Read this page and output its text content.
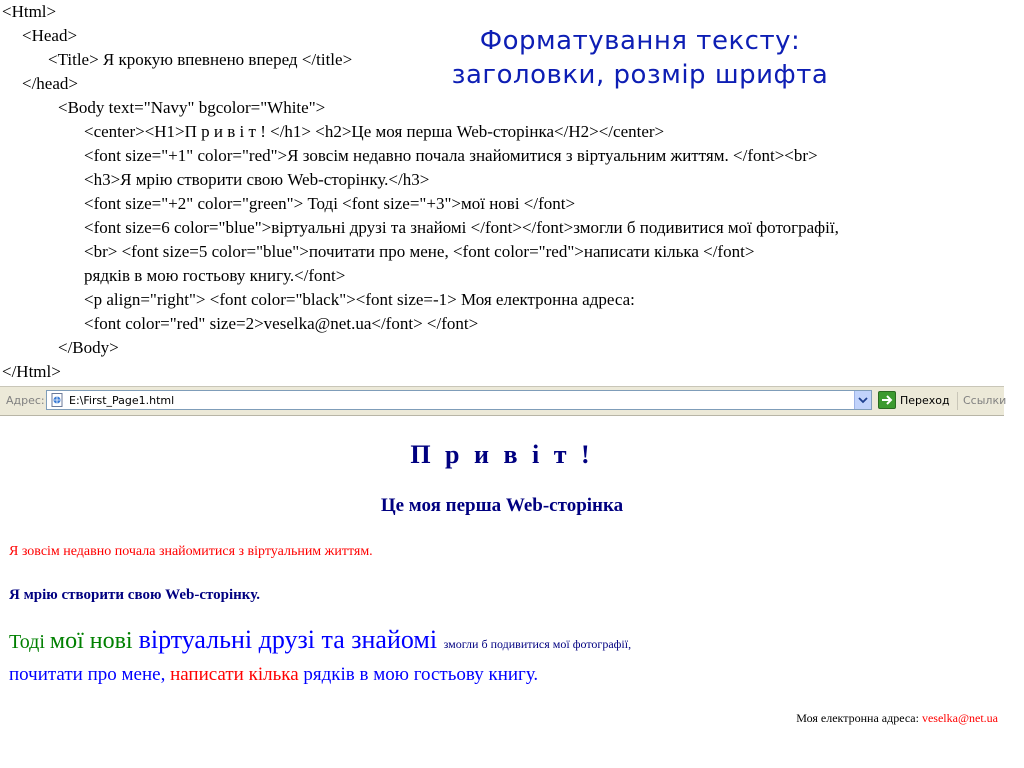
Форматування тексту:
заголовки, розмір шрифта
<Html>
<Head>
<Title> Я крокую впевнено вперед </title>
</head>
<Body text="Navy" bgcolor="White">
<center><H1>П р и в і т ! </h1> <h2>Це моя перша Web-сторінка</H2></center>
<font size="+1" color="red">Я зовсім недавно почала знайомитися з віртуальним життям. </font><br>
<h3>Я мрію створити свою Web-сторінку.</h3>
<font size="+2" color="green"> Тоді <font size="+3">мої нові </font>
<font size=6 color="blue">віртуальні друзі та знайомі </font></font>змогли б подивитися мої фотографії,
<br> <font size=5 color="blue">почитати про мене, <font color="red">написати кілька </font>
рядків в мою гостьову книгу.</font>
<p align="right"> <font color="black"><font size=-1> Моя електронна адреса:
<font color="red" size=2>veselka@net.ua</font> </font>
</Body>
</Html>
Адрес: E:\First_Page1.html	Переход Ссылки
П р и в і т !
Це моя перша Web-сторінка
Я зовсім недавно почала знайомитися з віртуальним життям.
Я мрію створити свою Web-сторінку.
Тоді мої нові віртуальні друзі та знайомі змогли б подивитися мої фотографії,
почитати про мене, написати кілька рядків в мою гостьову книгу.
Моя електронна адреса: veselka@net.ua
